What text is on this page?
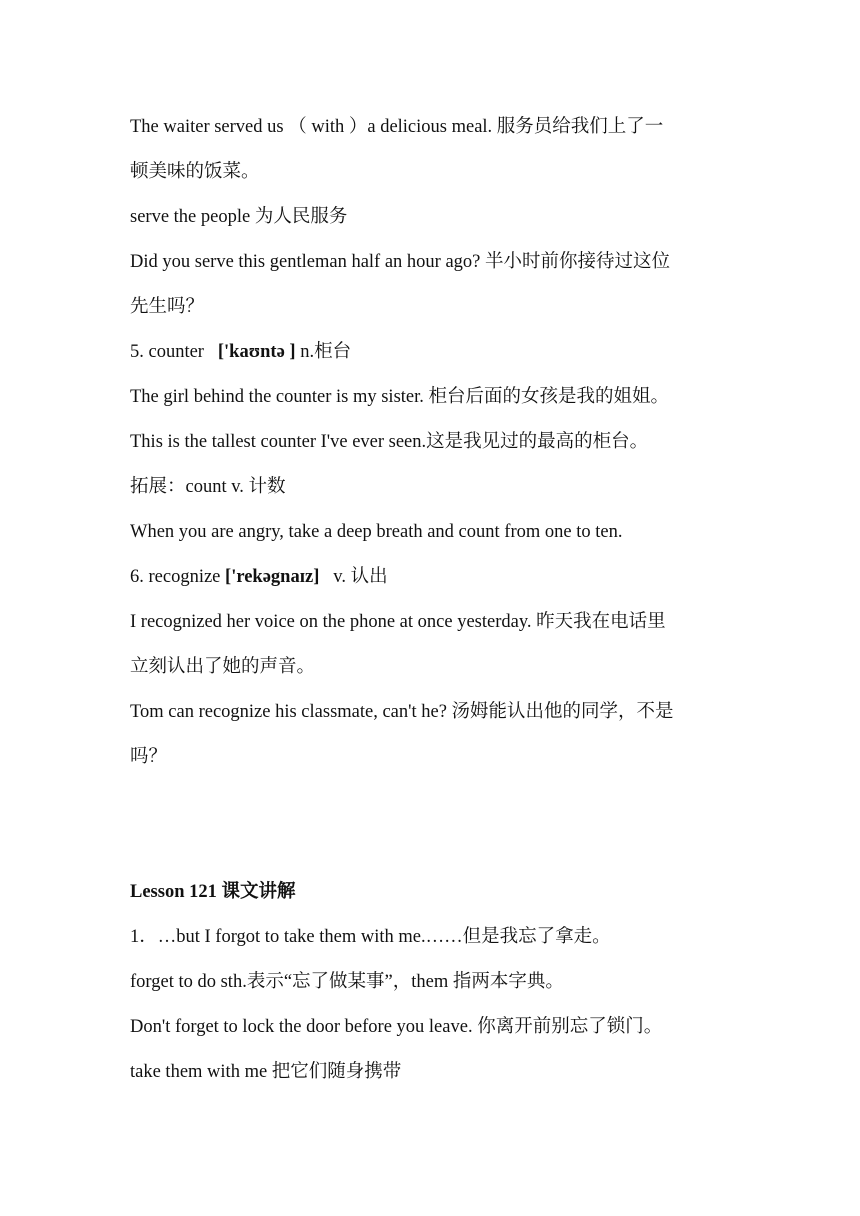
The waiter served us （ with ）a delicious meal. 服务员给我们上了一
顿美味的饭菜。
serve the people 为人民服务
Did you serve this gentleman half an hour ago? 半小时前你接待过这位
先生吗？
5. counter ['kaʊntə ] n.柜台
The girl behind the counter is my sister. 柜台后面的女孩是我的姐姐。
This is the tallest counter I've ever seen.这是我见过的最高的柜台。
拓展：count v. 计数
When you are angry, take a deep breath and count from one to ten.
6. recognize ['rekəgnaɪz] v. 认出
I recognized her voice on the phone at once yesterday. 昨天我在电话里
立刻认出了她的声音。
Tom can recognize his classmate, can't he? 汤姆能认出他的同学，不是
吗？
Lesson 121 课文讲解
1．…but I forgot to take them with me.……但是我忘了拿走。
forget to do sth.表示“忘了做某事”，them 指两本字典。
Don't forget to lock the door before you leave. 你离开前别忘了锁门。
take them with me 把它们随身携带
